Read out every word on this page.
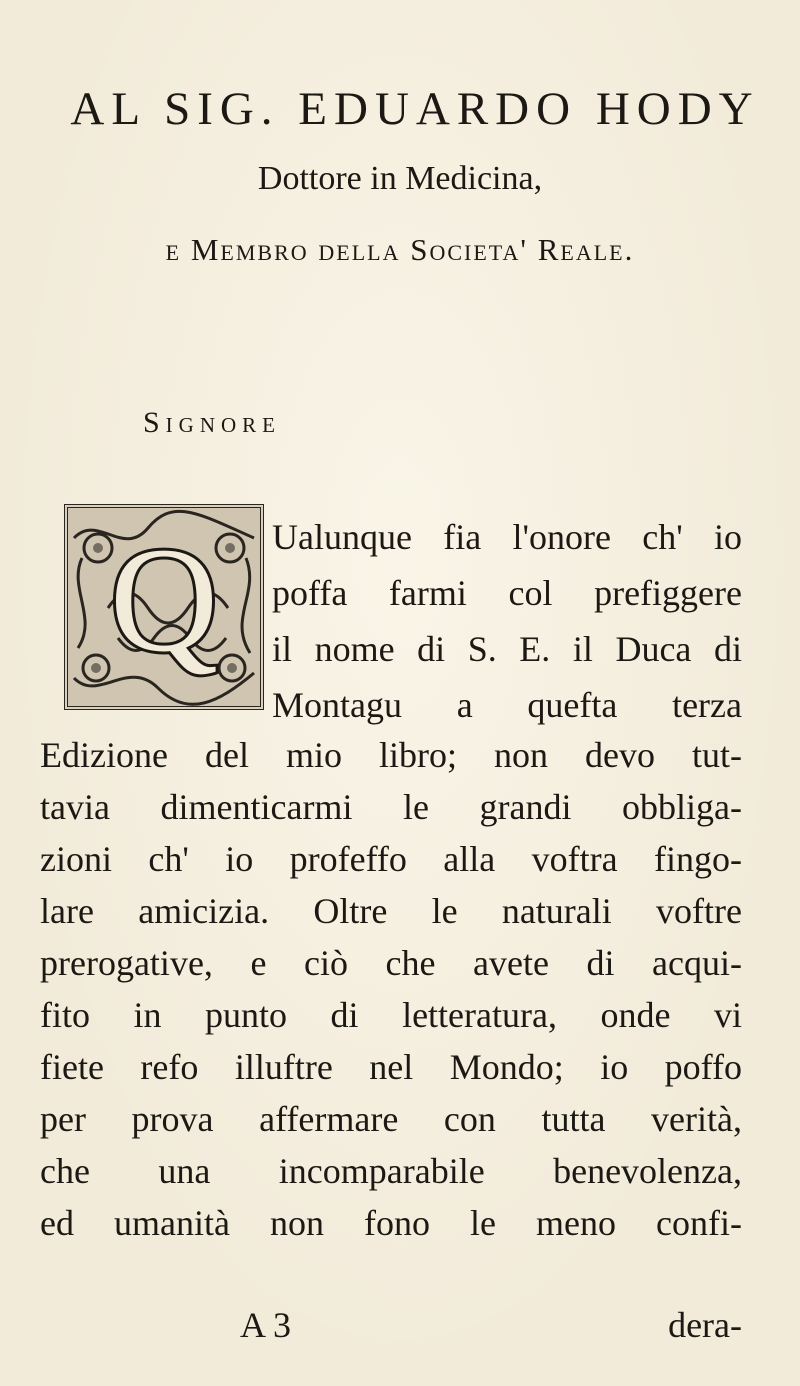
AL SIG. EDUARDO HODY
Dottore in Medicina,
e Membro della Societa' Reale.
Signore
Q Ualunque fia l'onore ch' io
poffa farmi col prefiggere
il nome di S. E. il Duca di
Montagu a quefta terza
Edizione del mio libro; non devo tut-
tavia dimenticarmi le grandi obbliga-
zioni ch' io profeffo alla voftra fingo-
lare amicizia. Oltre le naturali voftre
prerogative, e ciò che avete di acqui-
fito in punto di letteratura, onde vi
fiete refo illuftre nel Mondo; io poffo
per prova affermare con tutta verità,
che una incomparabile benevolenza,
ed umanità non fono le meno confi-
A 3	dera-
